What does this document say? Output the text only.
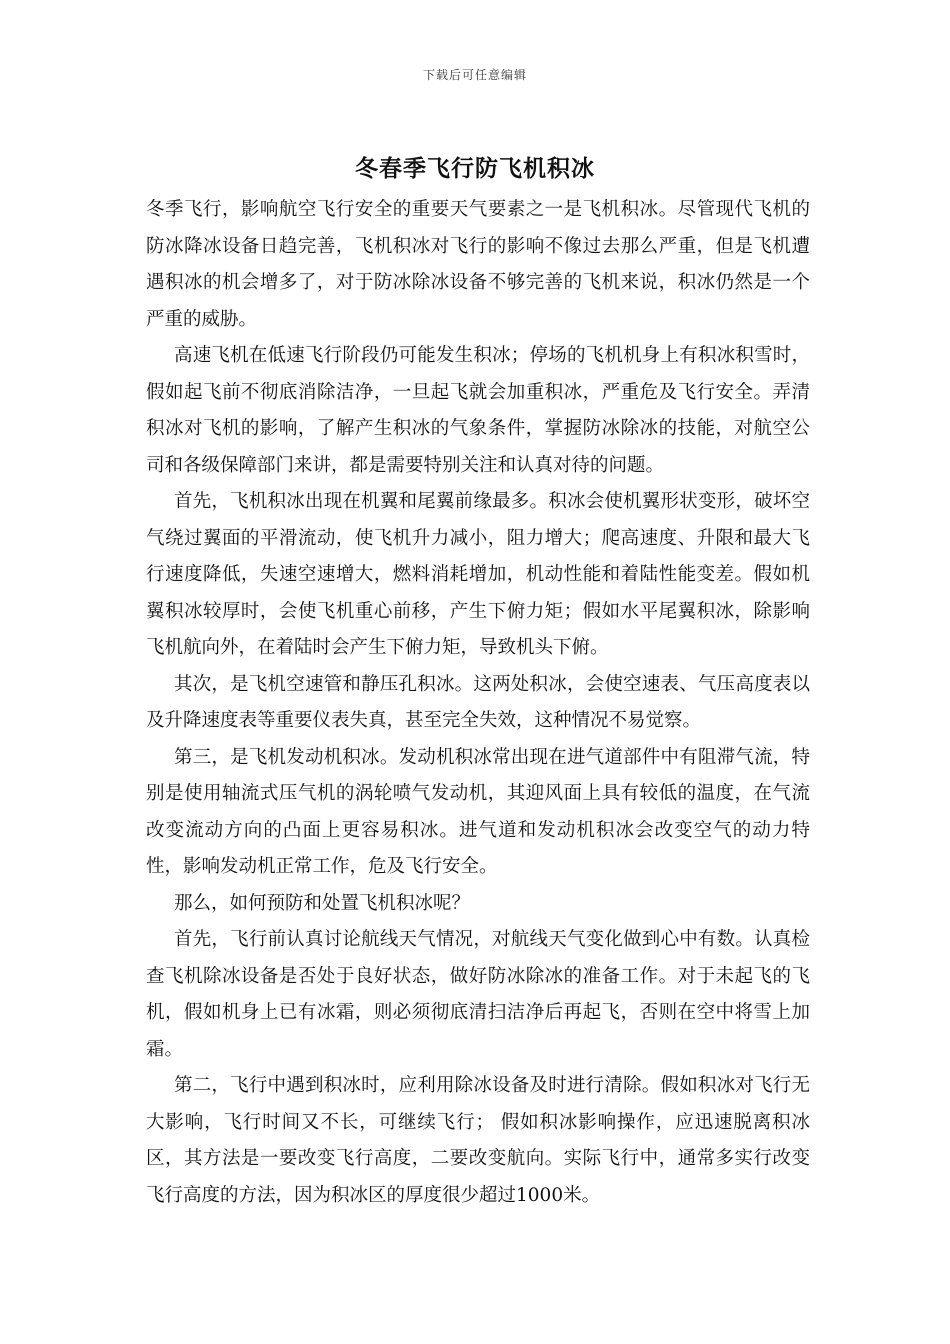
下载后可任意编辑
冬春季飞行防飞机积冰

冬季飞行，影响航空飞行安全的重要天气要素之一是飞机积冰。尽管现代飞机的防冰降冰设备日趋完善，飞机积冰对飞行的影响不像过去那么严重，但是飞机遭遇积冰的机会增多了，对于防冰除冰设备不够完善的飞机来说，积冰仍然是一个严重的威胁。

高速飞机在低速飞行阶段仍可能发生积冰；停场的飞机机身上有积冰积雪时，假如起飞前不彻底消除洁净，一旦起飞就会加重积冰，严重危及飞行安全。弄清积冰对飞机的影响，了解产生积冰的气象条件，掌握防冰除冰的技能，对航空公司和各级保障部门来讲，都是需要特别关注和认真对待的问题。

首先，飞机积冰出现在机翼和尾翼前缘最多。积冰会使机翼形状变形，破坏空气绕过翼面的平滑流动，使飞机升力减小，阻力增大；爬高速度、升限和最大飞行速度降低，失速空速增大，燃料消耗增加，机动性能和着陆性能变差。假如机翼积冰较厚时，会使飞机重心前移，产生下俯力矩；假如水平尾翼积冰，除影响飞机航向外，在着陆时会产生下俯力矩，导致机头下俯。

其次，是飞机空速管和静压孔积冰。这两处积冰，会使空速表、气压高度表以及升降速度表等重要仪表失真，甚至完全失效，这种情况不易觉察。

第三，是飞机发动机积冰。发动机积冰常出现在进气道部件中有阻滞气流，特别是使用轴流式压气机的涡轮喷气发动机，其迎风面上具有较低的温度，在气流改变流动方向的凸面上更容易积冰。进气道和发动机积冰会改变空气的动力特性，影响发动机正常工作，危及飞行安全。

那么，如何预防和处置飞机积冰呢？

首先，飞行前认真讨论航线天气情况，对航线天气变化做到心中有数。认真检查飞机除冰设备是否处于良好状态，做好防冰除冰的准备工作。对于未起飞的飞机，假如机身上已有冰霜，则必须彻底清扫洁净后再起飞，否则在空中将雪上加霜。

第二，飞行中遇到积冰时，应利用除冰设备及时进行清除。假如积冰对飞行无大影响，飞行时间又不长，可继续飞行； 假如积冰影响操作，应迅速脱离积冰区，其方法是一要改变飞行高度，二要改变航向。实际飞行中，通常多实行改变飞行高度的方法，因为积冰区的厚度很少超过1000米。
